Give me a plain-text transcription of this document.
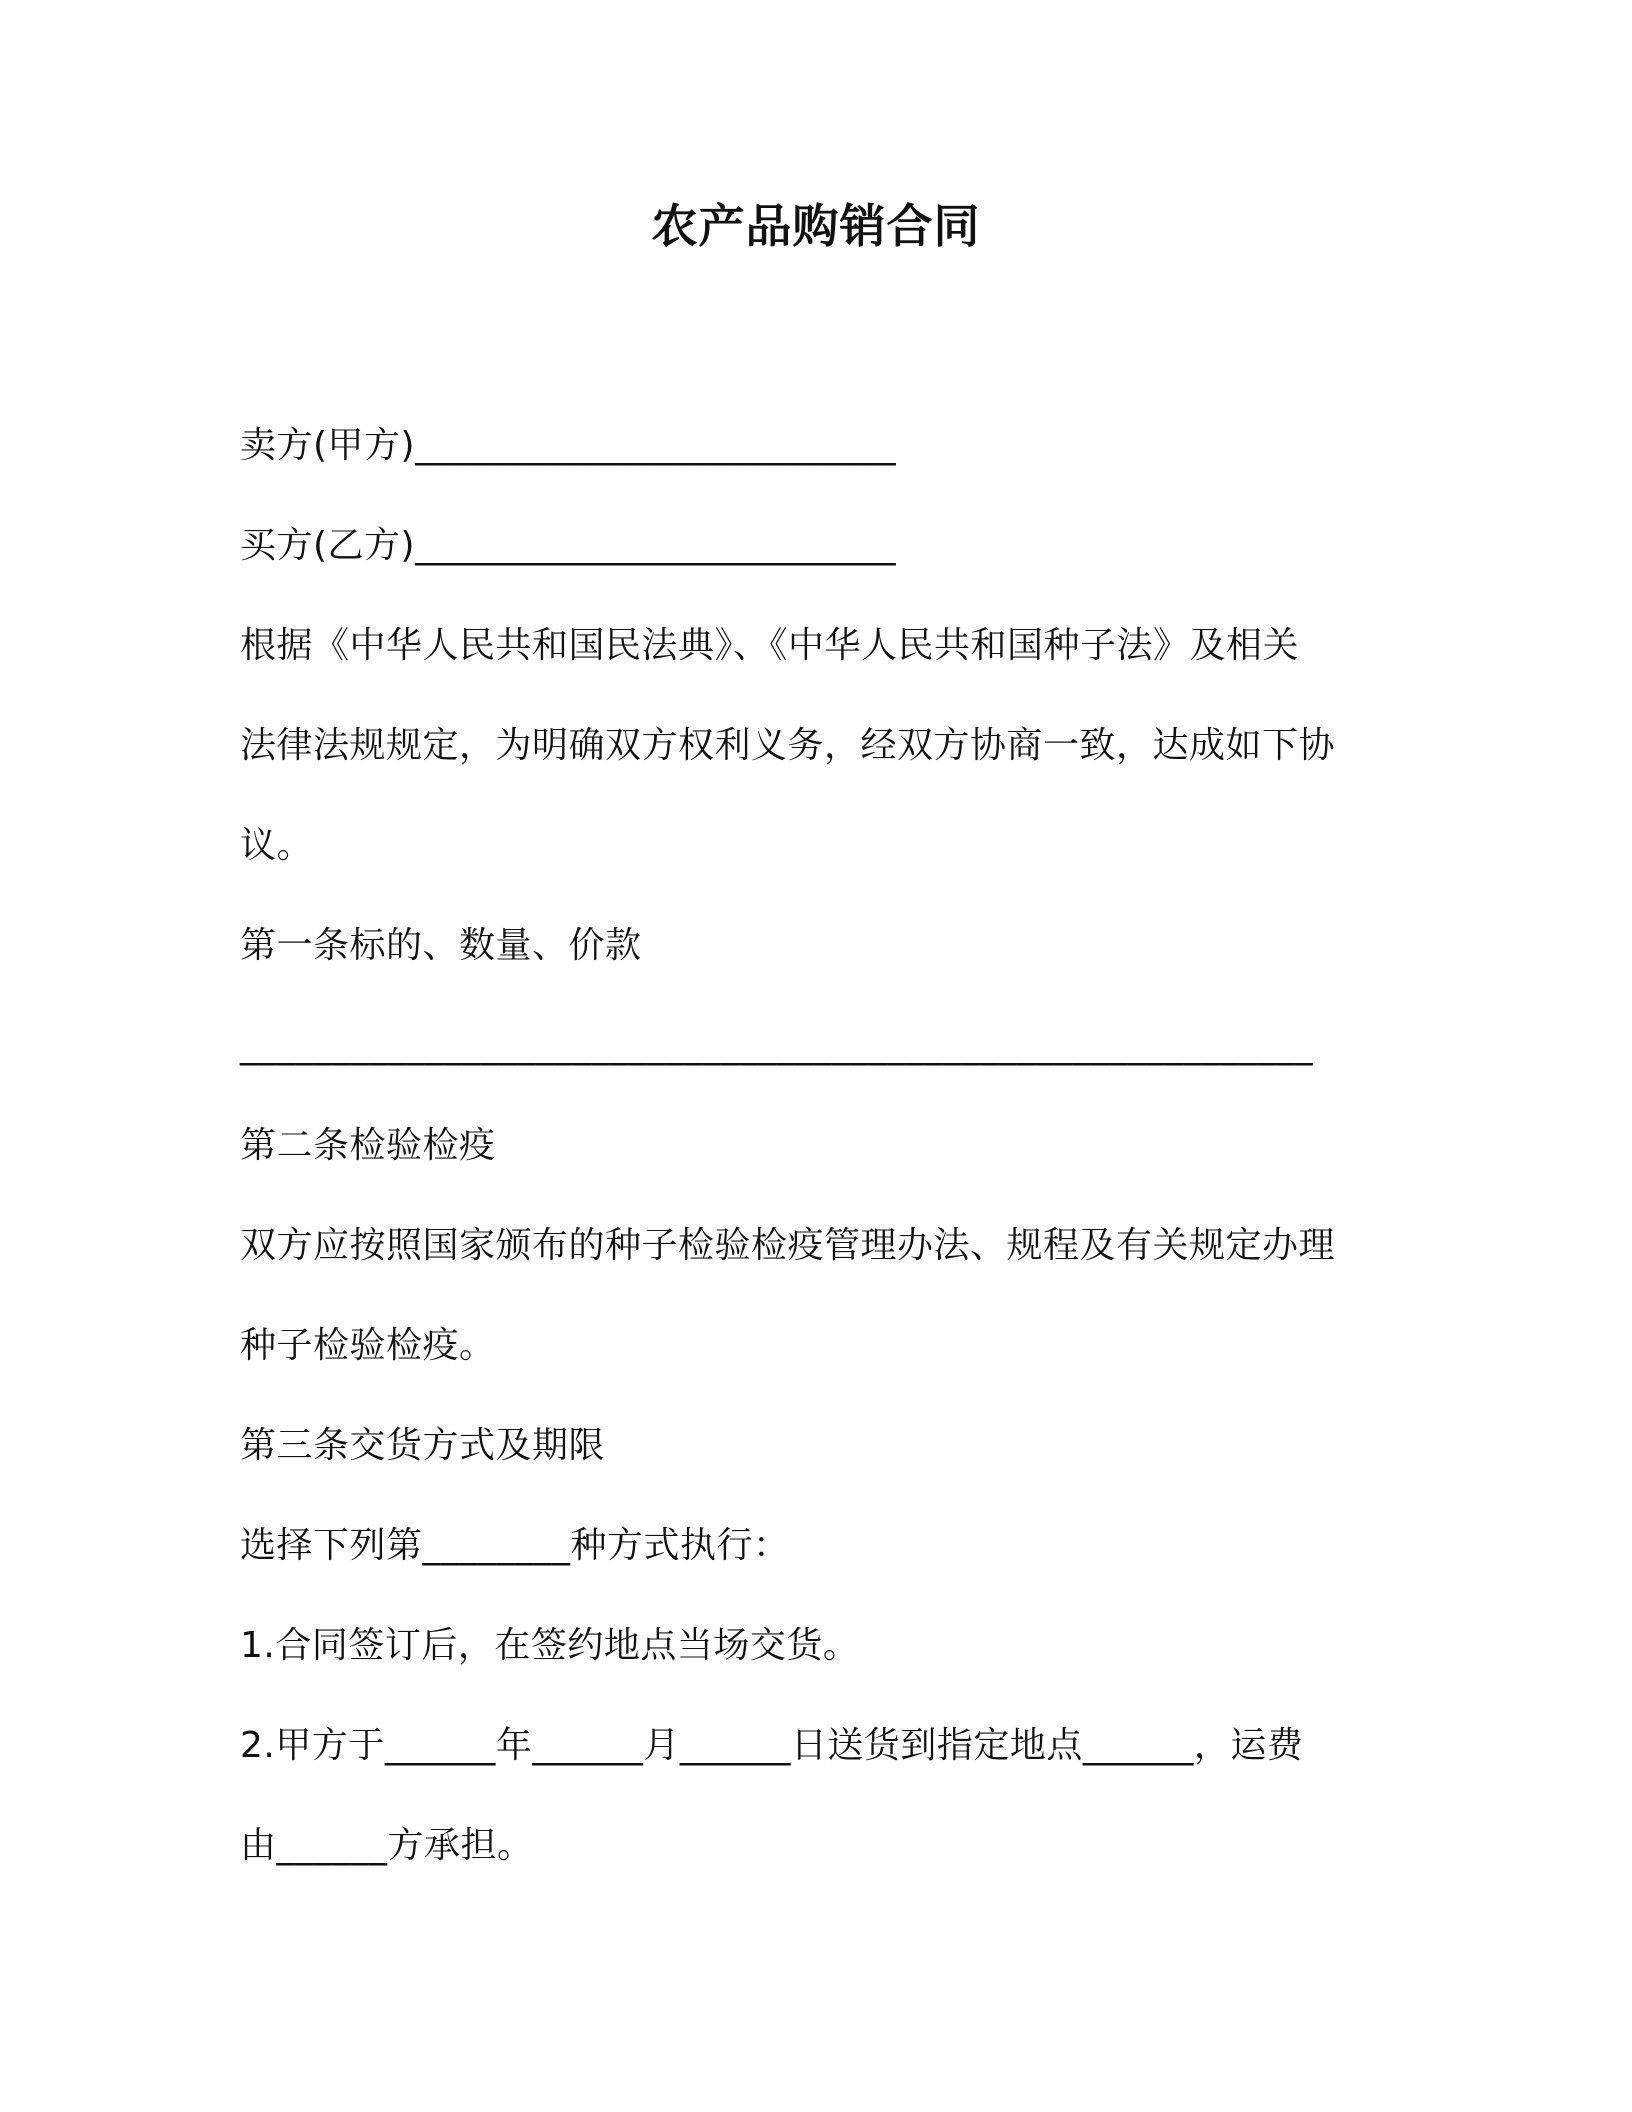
农产品购销合同
卖方(甲方)__________________________
买方(乙方)__________________________
根据《中华人民共和国民法典》、《中华人民共和国种子法》及相关
法律法规规定，为明确双方权利义务，经双方协商一致，达成如下协
议。
第一条标的、数量、价款
__________________________________________________________
第二条检验检疫
双方应按照国家颁布的种子检验检疫管理办法、规程及有关规定办理
种子检验检疫。
第三条交货方式及期限
选择下列第________种方式执行：
1.合同签订后，在签约地点当场交货。
2.甲方于______年______月______日送货到指定地点______，运费
由______方承担。
